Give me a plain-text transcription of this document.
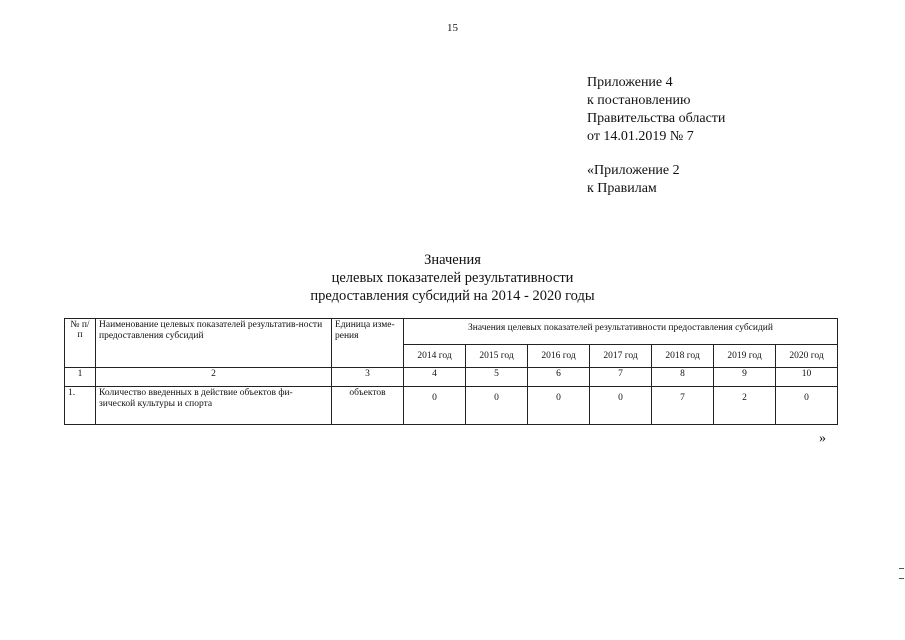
15
Приложение 4
к постановлению
Правительства области
от 14.01.2019 № 7
«Приложение 2
к Правилам
Значения
целевых показателей результативности
предоставления субсидий на 2014 - 2020 годы
№ п/п	Наименование целевых показателей результатив-ности предоставления субсидий	Единица изме-рения	Значения целевых показателей результативности предоставления субсидий						
			2014 год	2015 год	2016 год	2017 год	2018 год	2019 год	2020 год
1	2	3	4	5	6	7	8	9	10
1.	Количество введенных в действие объектов фи-зической культуры и спорта	объектов	0	0	0	0	7	2	0
»
